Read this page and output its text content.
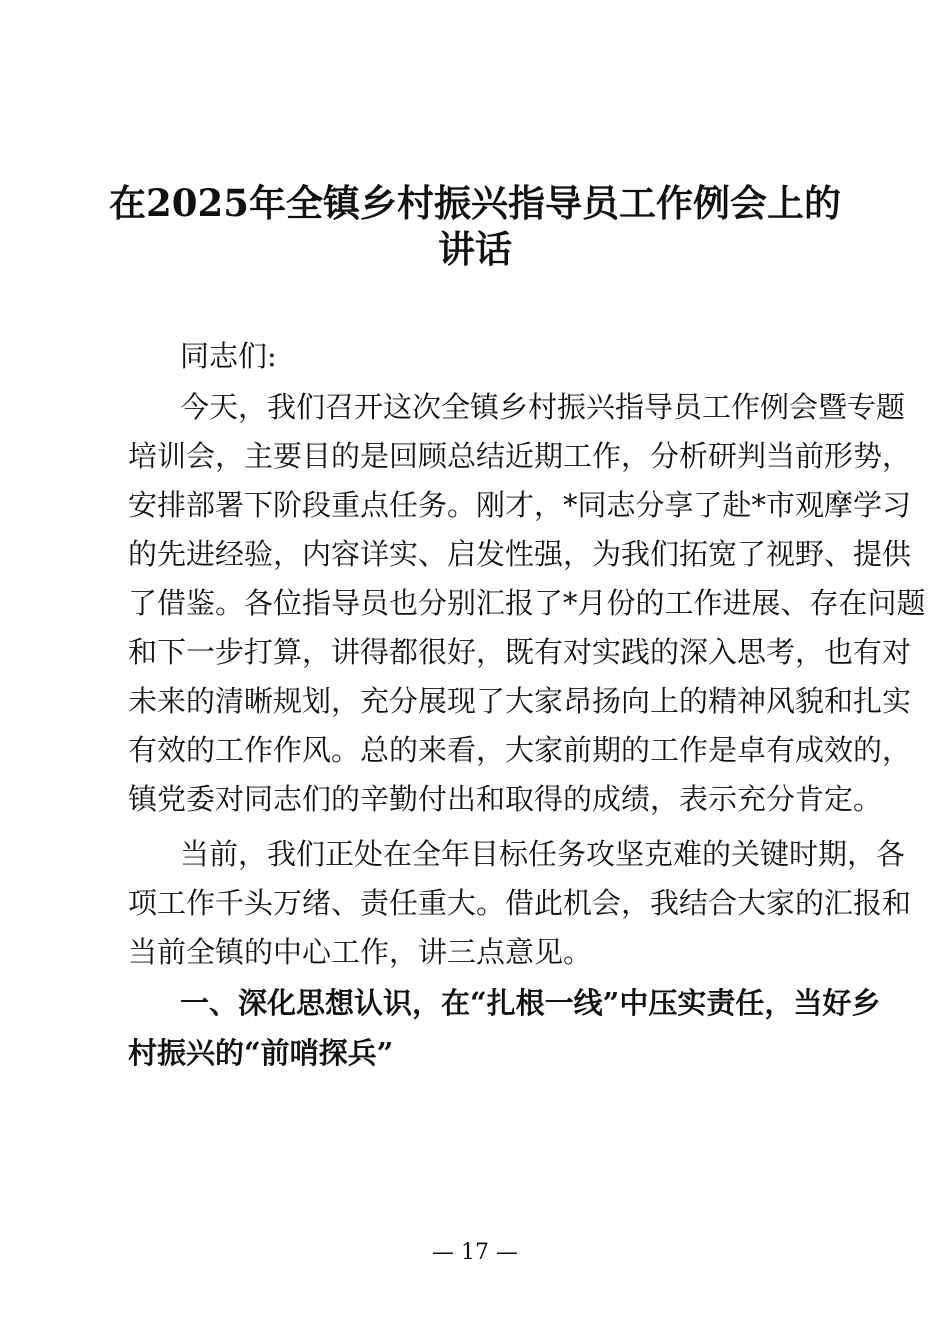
在2025年全镇乡村振兴指导员工作例会上的
讲话
同志们:
今天，我们召开这次全镇乡村振兴指导员工作例会暨专题
培训会，主要目的是回顾总结近期工作，分析研判当前形势，
安排部署下阶段重点任务。刚才，*同志分享了赴*市观摩学习
的先进经验，内容详实、启发性强，为我们拓宽了视野、提供
了借鉴。各位指导员也分别汇报了*月份的工作进展、存在问题
和下一步打算，讲得都很好，既有对实践的深入思考，也有对
未来的清晰规划，充分展现了大家昂扬向上的精神风貌和扎实
有效的工作作风。总的来看，大家前期的工作是卓有成效的，
镇党委对同志们的辛勤付出和取得的成绩，表示充分肯定。
当前，我们正处在全年目标任务攻坚克难的关键时期，各
项工作千头万绪、责任重大。借此机会，我结合大家的汇报和
当前全镇的中心工作，讲三点意见。
一、深化思想认识，在“扎根一线”中压实责任，当好乡
村振兴的“前哨探兵”
— 17 —
